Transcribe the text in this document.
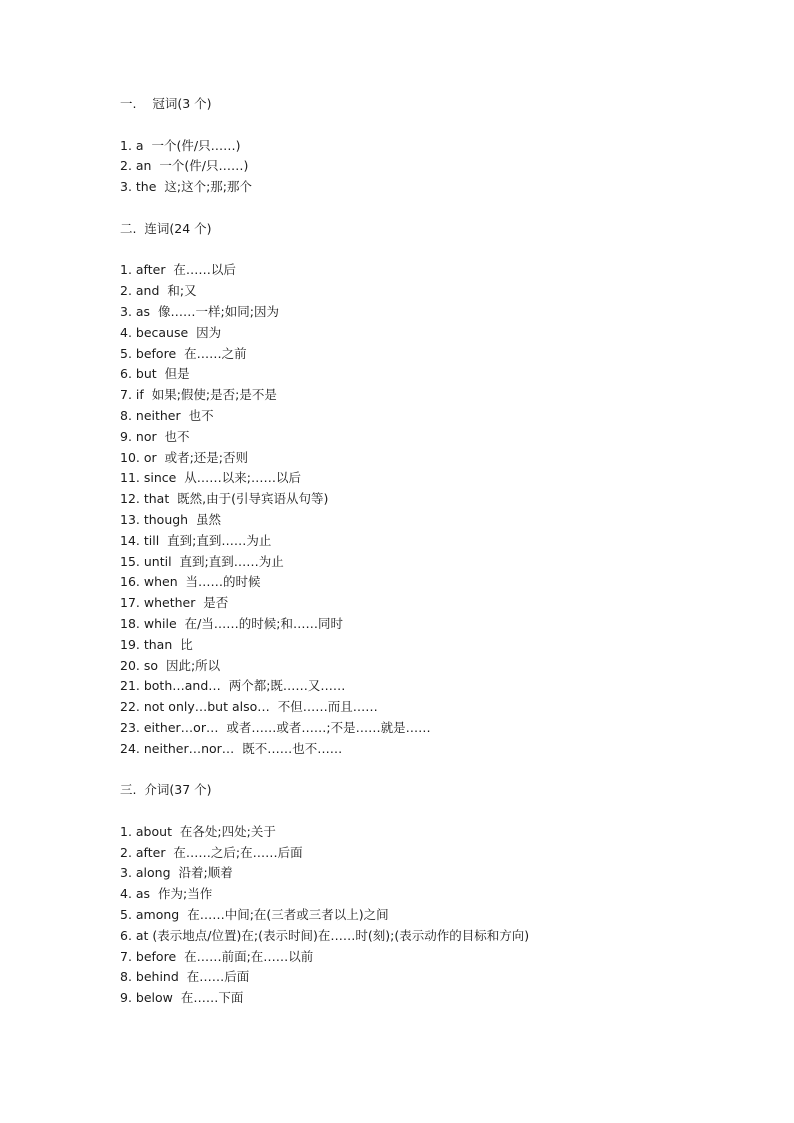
一.    冠词(3 个)
1. a  一个(件/只……)
2. an  一个(件/只……)
3. the  这;这个;那;那个
二.  连词(24 个)
1. after  在……以后
2. and  和;又
3. as  像……一样;如同;因为
4. because  因为
5. before  在……之前
6. but  但是
7. if  如果;假使;是否;是不是
8. neither  也不
9. nor  也不
10. or  或者;还是;否则
11. since  从……以来;……以后
12. that  既然,由于(引导宾语从句等)
13. though  虽然
14. till  直到;直到……为止
15. until  直到;直到……为止
16. when  当……的时候
17. whether  是否
18. while  在/当……的时候;和……同时
19. than  比
20. so  因此;所以
21. both…and…  两个都;既……又……
22. not only…but also…  不但……而且……
23. either…or…  或者……或者……;不是……就是……
24. neither…nor…  既不……也不……
三.  介词(37 个)
1. about  在各处;四处;关于
2. after  在……之后;在……后面
3. along  沿着;顺着
4. as  作为;当作
5. among  在……中间;在(三者或三者以上)之间
6. at (表示地点/位置)在;(表示时间)在……时(刻);(表示动作的目标和方向)
7. before  在……前面;在……以前
8. behind  在……后面
9. below  在……下面
